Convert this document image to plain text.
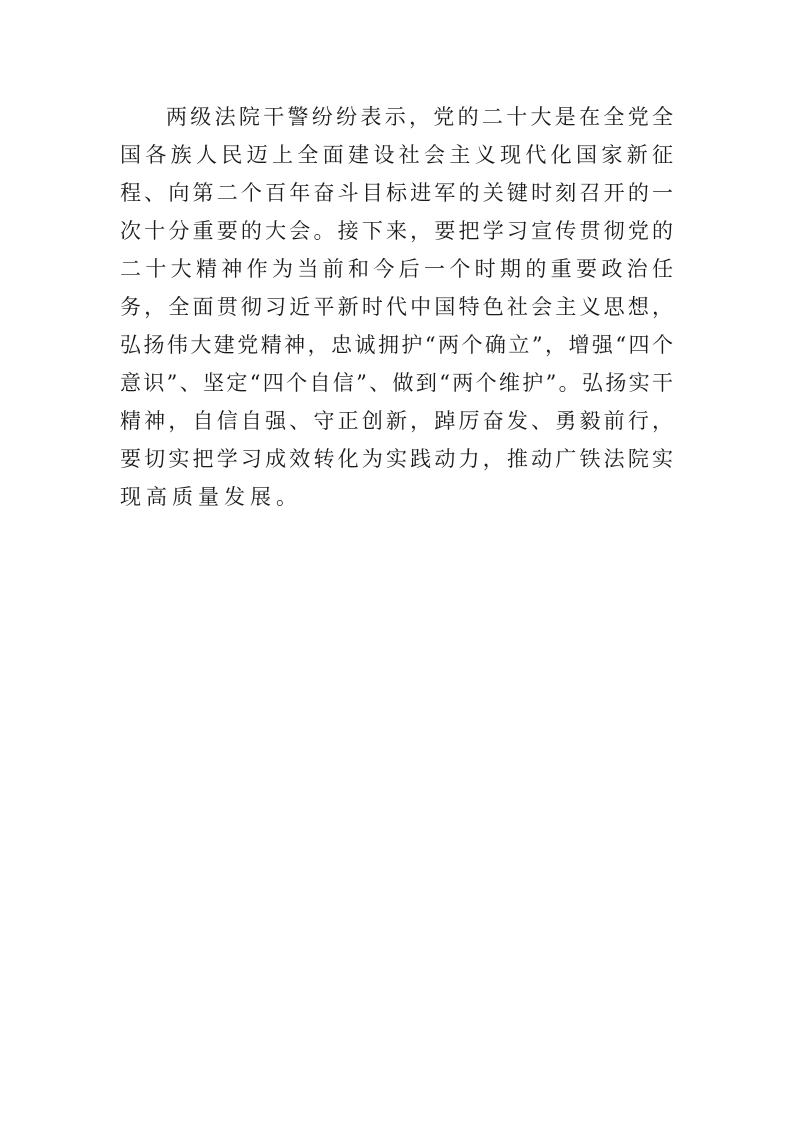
两级法院干警纷纷表示，党的二十大是在全党全
国各族人民迈上全面建设社会主义现代化国家新征
程、向第二个百年奋斗目标进军的关键时刻召开的一
次十分重要的大会。接下来，要把学习宣传贯彻党的
二十大精神作为当前和今后一个时期的重要政治任
务，全面贯彻习近平新时代中国特色社会主义思想，
弘扬伟大建党精神，忠诚拥护“两个确立”，增强“四个
意识”、坚定“四个自信”、做到“两个维护”。弘扬实干
精神，自信自强、守正创新，踔厉奋发、勇毅前行，
要切实把学习成效转化为实践动力，推动广铁法院实
现高质量发展。
